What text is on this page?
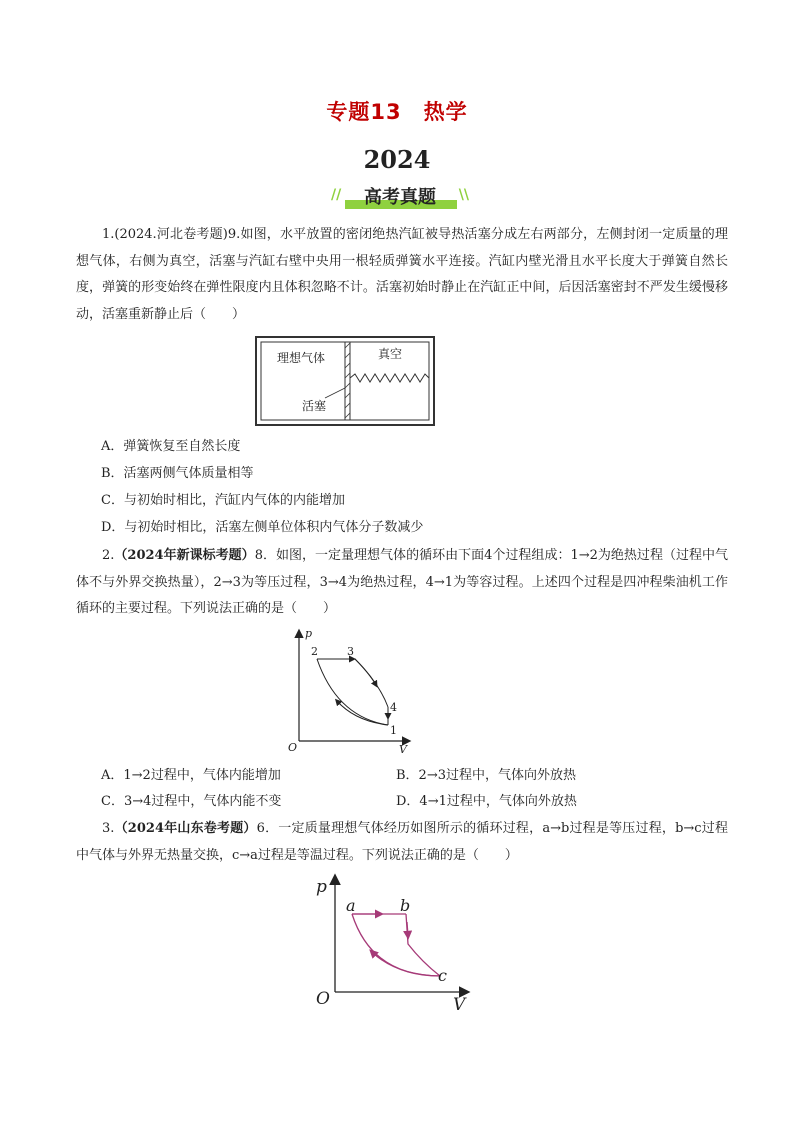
专题13　热学
2024
//	高考真题	\\
1.(2024.河北卷考题)9.如图，水平放置的密闭绝热汽缸被导热活塞分成左右两部分，左侧封闭一定质量的理想气体，右侧为真空，活塞与汽缸右壁中央用一根轻质弹簧水平连接。汽缸内壁光滑且水平长度大于弹簧自然长度，弹簧的形变始终在弹性限度内且体积忽略不计。活塞初始时静止在汽缸正中间，后因活塞密封不严发生缓慢移动，活塞重新静止后（　　）
理想气体	真空
活塞
A．弹簧恢复至自然长度
B．活塞两侧气体质量相等
C．与初始时相比，汽缸内气体的内能增加
D．与初始时相比，活塞左侧单位体积内气体分子数减少
2.（2024年新课标考题）8．如图，一定量理想气体的循环由下面4个过程组成：1→2为绝热过程（过程中气体不与外界交换热量），2→3为等压过程，3→4为绝热过程，4→1为等容过程。上述四个过程是四冲程柴油机工作循环的主要过程。下列说法正确的是（　　）
p
V
O
2	3
4
1
A．1→2过程中，气体内能增加	B．2→3过程中，气体向外放热
C．3→4过程中，气体内能不变	D．4→1过程中，气体向外放热
3.（2024年山东卷考题）6．一定质量理想气体经历如图所示的循环过程，a→b过程是等压过程，b→c过程中气体与外界无热量交换，c→a过程是等温过程。下列说法正确的是（　　）
p
V
O
a	b
c
